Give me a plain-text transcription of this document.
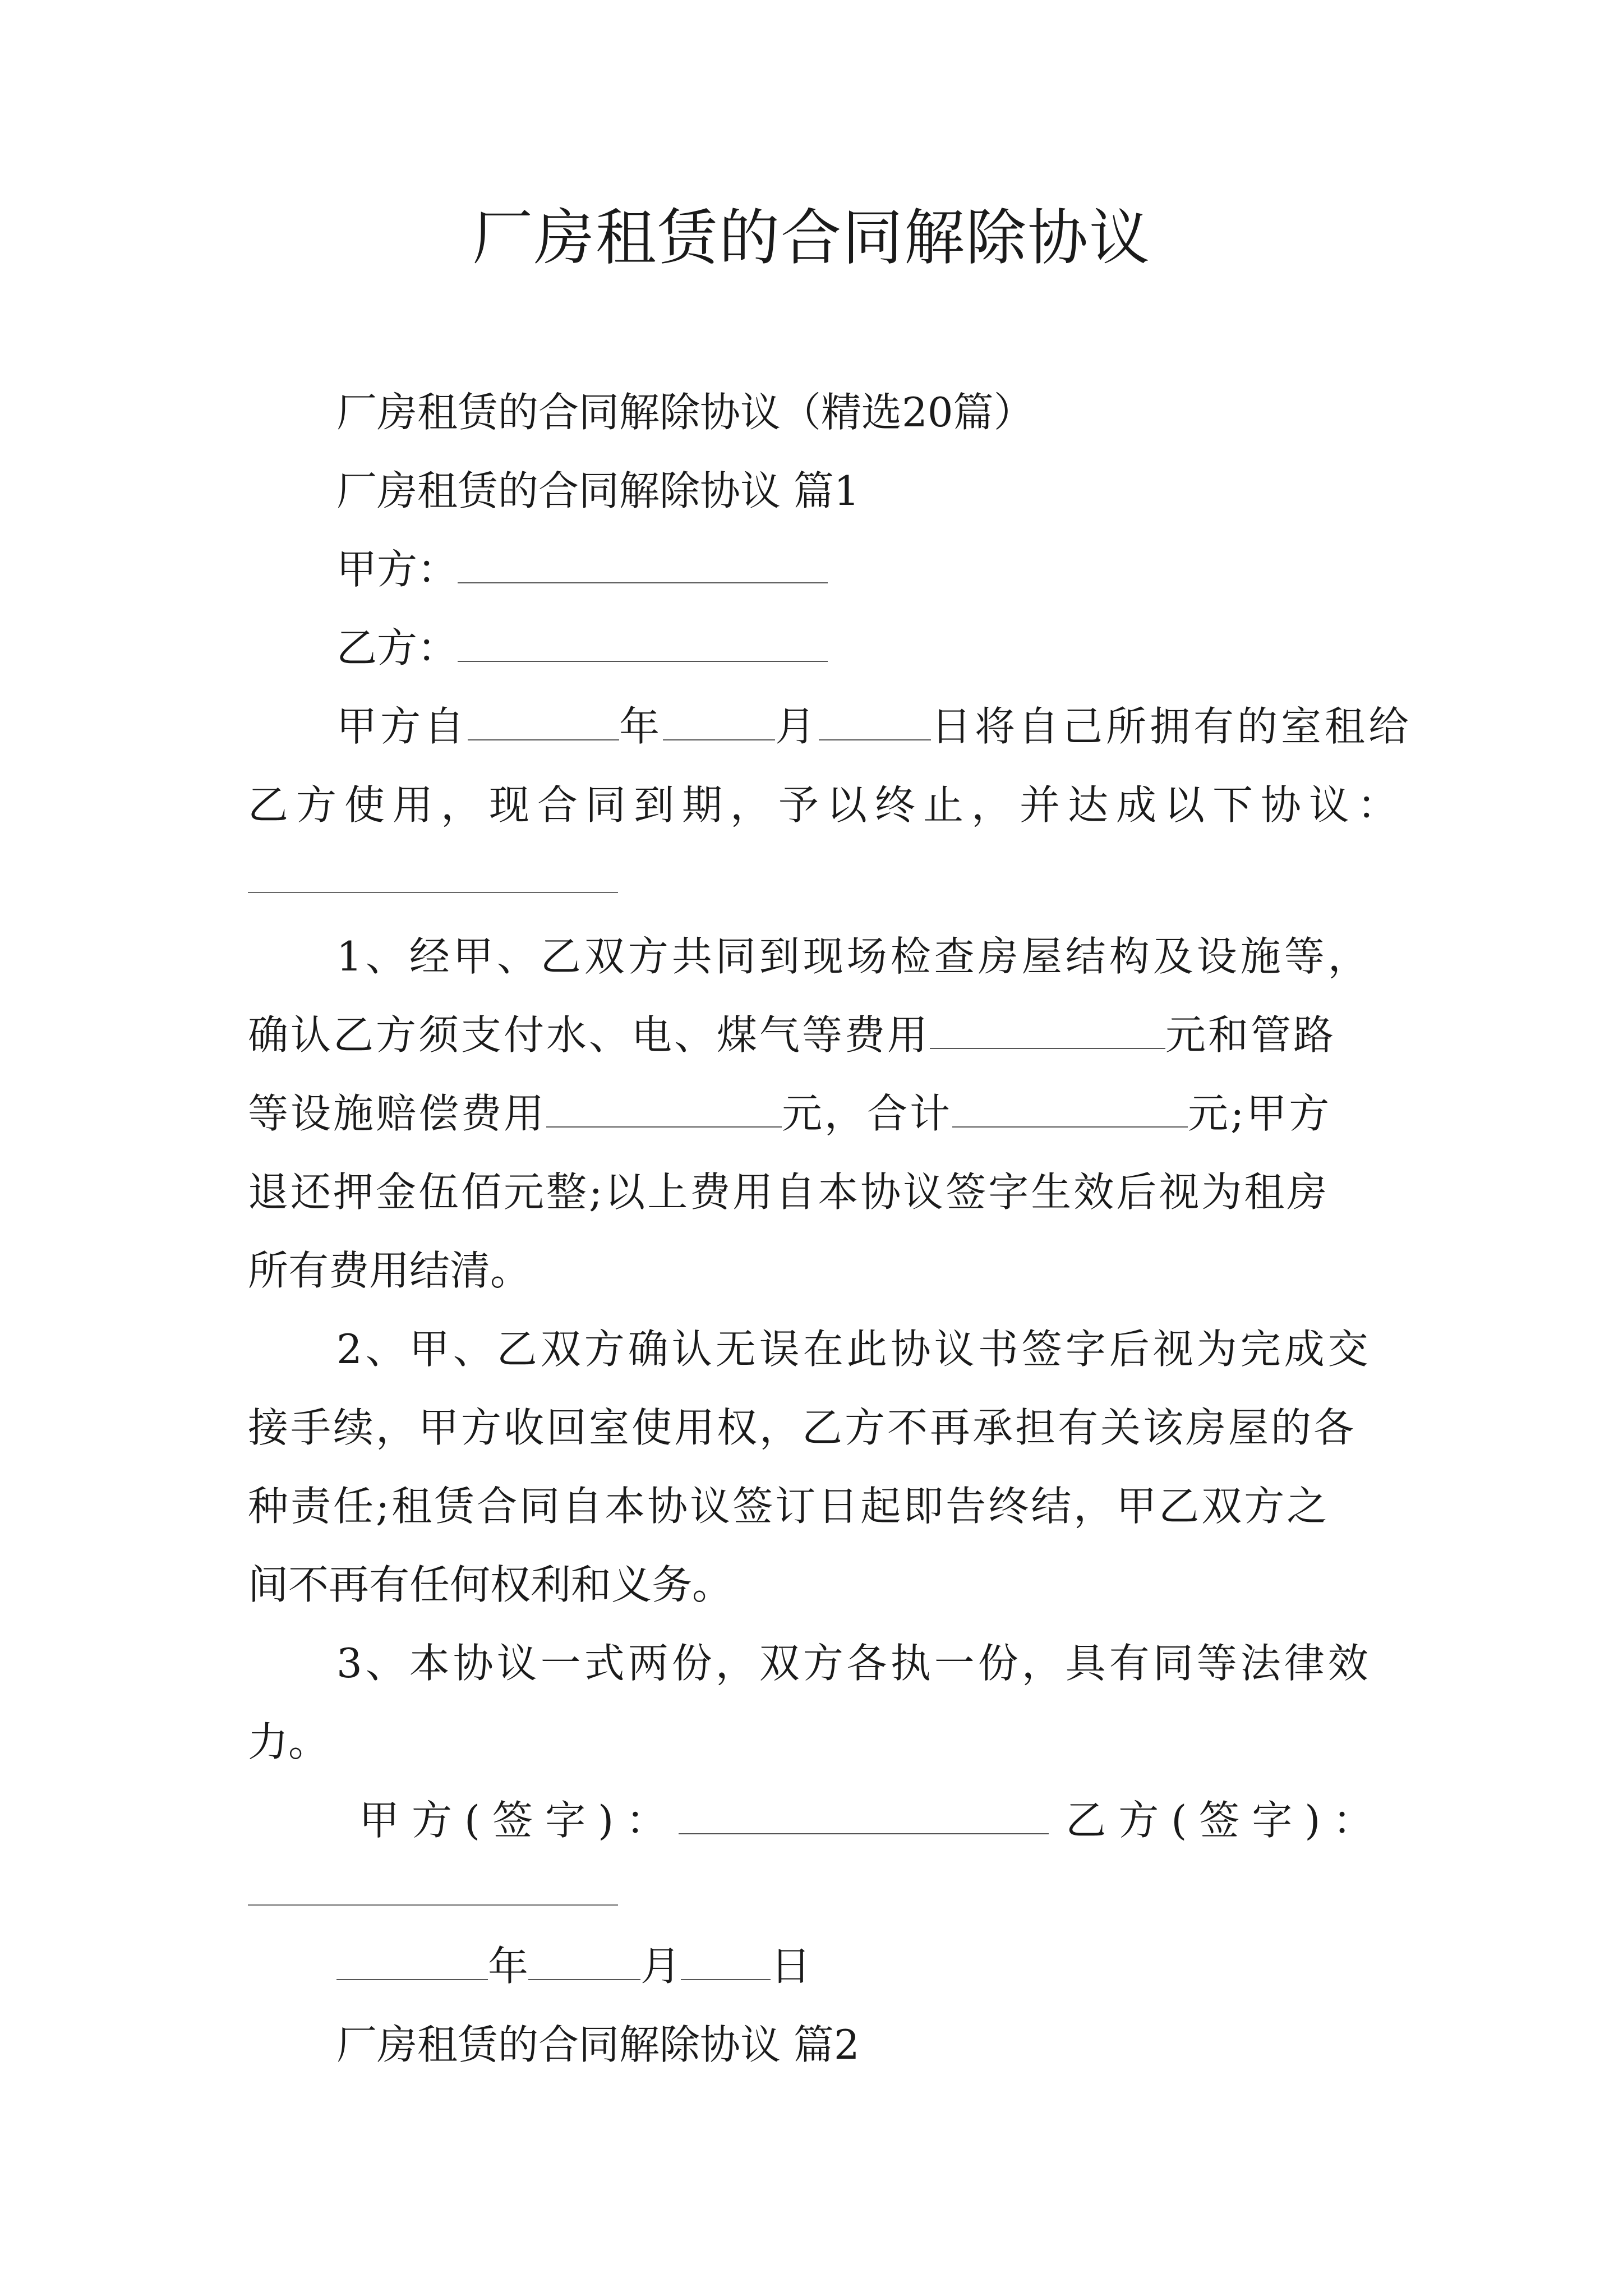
厂房租赁的合同解除协议
厂房租赁的合同解除协议（精选20篇）
厂房租赁的合同解除协议 篇1
甲方：
乙方：
甲方自	年	月	日将自己所拥有的室租给
乙方使用，现合同到期，予以终止，并达成以下协议：
1、经甲、乙双方共同到现场检查房屋结构及设施等，
确认乙方须支付水、电、煤气等费用	元和管路
等设施赔偿费用	元，合计	元;甲方
退还押金伍佰元整;以上费用自本协议签字生效后视为租房
所有费用结清。
2、甲、乙双方确认无误在此协议书签字后视为完成交
接手续，甲方收回室使用权，乙方不再承担有关该房屋的各
种责任;租赁合同自本协议签订日起即告终结，甲乙双方之
间不再有任何权利和义务。
3、本协议一式两份，双方各执一份，具有同等法律效
力。
甲方(签字)：	乙方(签字)：
年	月 日
厂房租赁的合同解除协议 篇2
